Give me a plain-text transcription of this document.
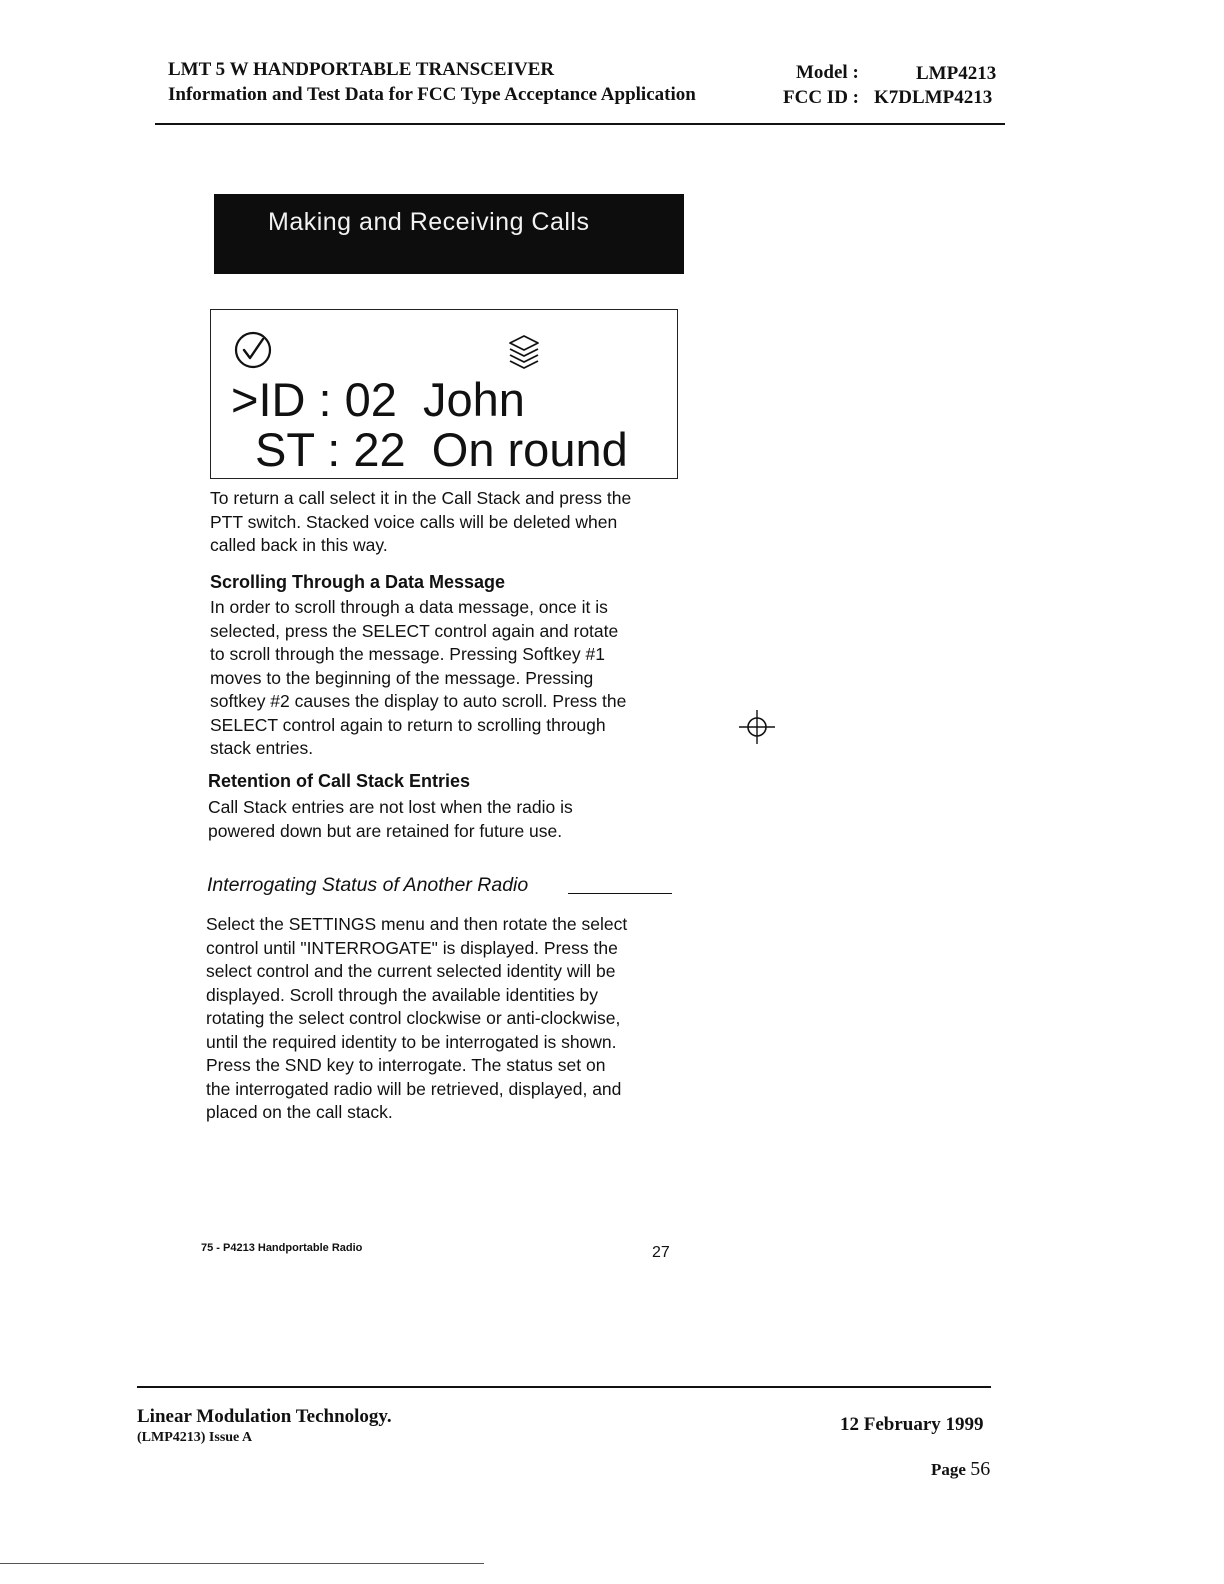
LMT 5 W HANDPORTABLE TRANSCEIVER
Information and Test Data for FCC Type Acceptance Application
Model :	LMP4213
FCC ID : K7DLMP4213
Making and Receiving Calls
>ID : 02  John
ST : 22  On round
To return a call select it in the Call Stack and press the
PTT switch. Stacked voice calls will be deleted when
called back in this way.
Scrolling Through a Data Message
In order to scroll through a data message, once it is
selected, press the SELECT control again and rotate
to scroll through the message. Pressing Softkey #1
moves to the beginning of the message. Pressing
softkey #2 causes the display to auto scroll. Press the
SELECT control again to return to scrolling through
stack entries.
Retention of Call Stack Entries
Call Stack entries are not lost when the radio is
powered down but are retained for future use.
Interrogating Status of Another Radio
Select the SETTINGS menu and then rotate the select
control until "INTERROGATE" is displayed. Press the
select control and the current selected identity will be
displayed. Scroll through the available identities by
rotating the select control clockwise or anti-clockwise,
until the required identity to be interrogated is shown.
Press the SND key to interrogate. The status set on
the interrogated radio will be retrieved, displayed, and
placed on the call stack.
75 - P4213 Handportable Radio	27
Linear Modulation Technology.
(LMP4213) Issue A
12 February 1999
Page 56
